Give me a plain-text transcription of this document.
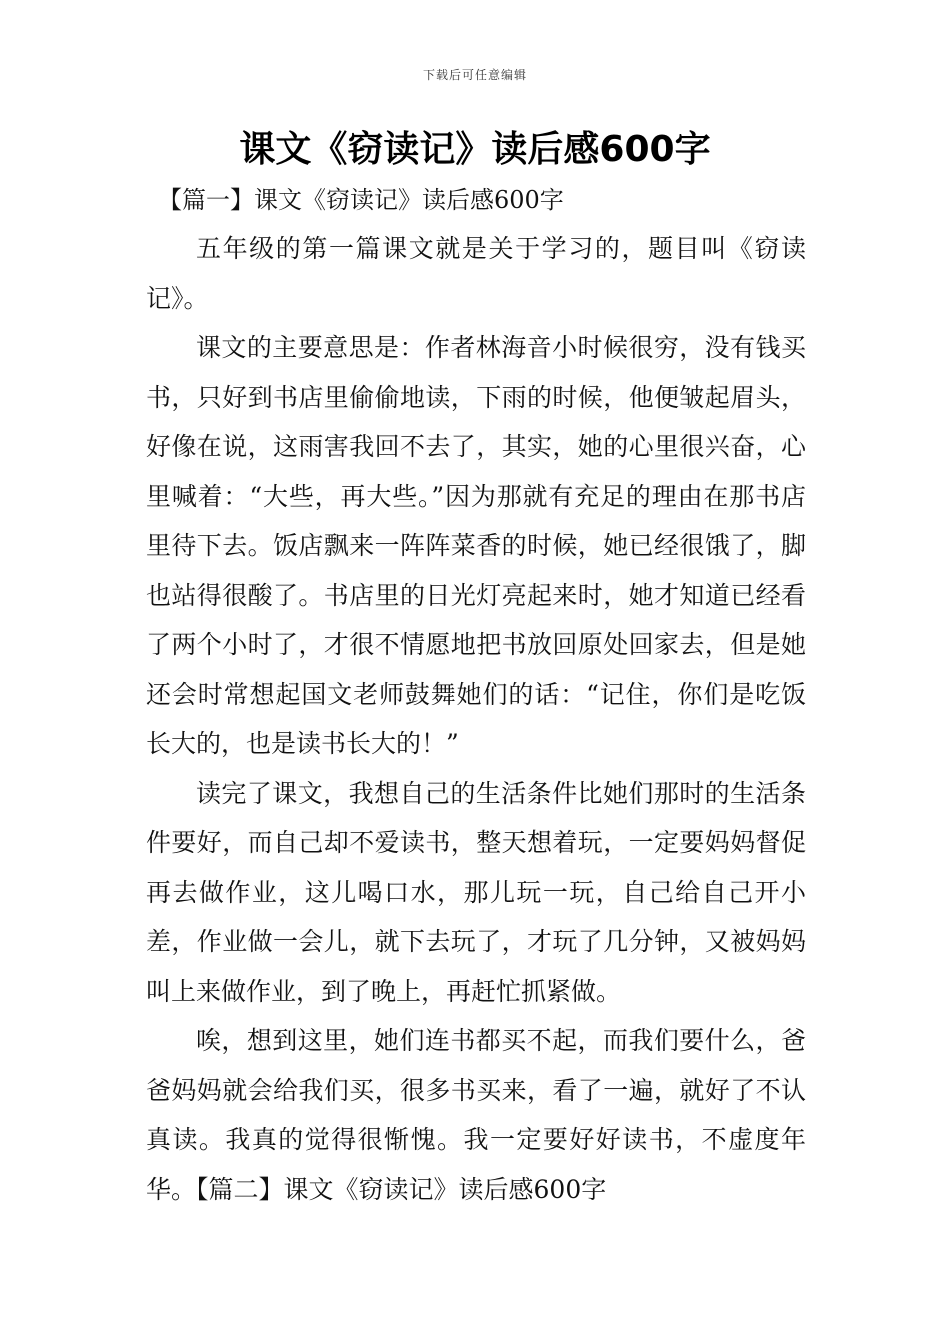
下载后可任意编辑
课文《窃读记》读后感600字

【篇一】课文《窃读记》读后感600字

五年级的第一篇课文就是关于学习的，题目叫《窃读记》。

课文的主要意思是：作者林海音小时候很穷，没有钱买书，只好到书店里偷偷地读，下雨的时候，他便皱起眉头，好像在说，这雨害我回不去了，其实，她的心里很兴奋，心里喊着：“大些，再大些。”因为那就有充足的理由在那书店里待下去。饭店飘来一阵阵菜香的时候，她已经很饿了，脚也站得很酸了。书店里的日光灯亮起来时，她才知道已经看了两个小时了，才很不情愿地把书放回原处回家去，但是她还会时常想起国文老师鼓舞她们的话：“记住，你们是吃饭长大的，也是读书长大的！”

读完了课文，我想自己的生活条件比她们那时的生活条件要好，而自己却不爱读书，整天想着玩，一定要妈妈督促再去做作业，这儿喝口水，那儿玩一玩，自己给自己开小差，作业做一会儿，就下去玩了，才玩了几分钟，又被妈妈叫上来做作业，到了晚上，再赶忙抓紧做。

唉，想到这里，她们连书都买不起，而我们要什么，爸爸妈妈就会给我们买，很多书买来，看了一遍，就好了不认真读。我真的觉得很惭愧。我一定要好好读书，不虚度年华。【篇二】课文《窃读记》读后感600字
